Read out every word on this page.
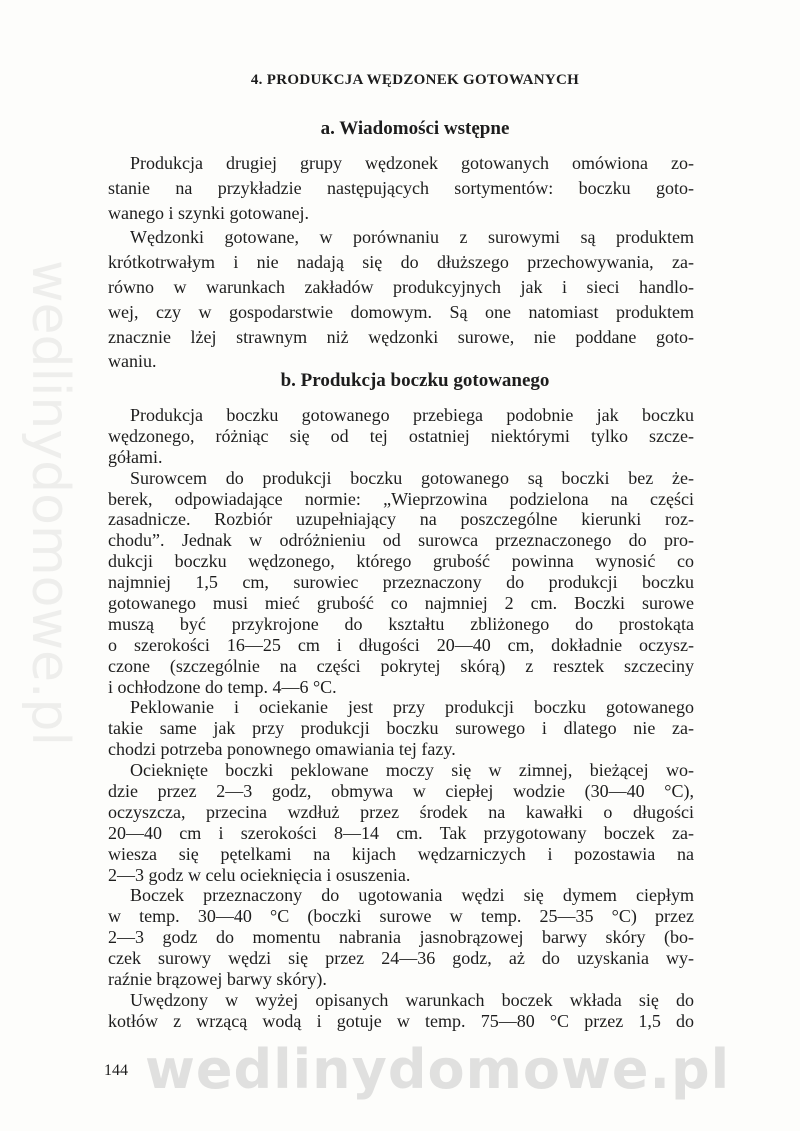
wedlinydomowe.pl
4. PRODUKCJA WĘDZONEK GOTOWANYCH
a. Wiadomości wstępne
Produkcja drugiej grupy wędzonek gotowanych omówiona zo-
stanie na przykładzie następujących sortymentów: boczku goto-
wanego i szynki gotowanej.
Wędzonki gotowane, w porównaniu z surowymi są produktem
krótkotrwałym i nie nadają się do dłuższego przechowywania, za-
równo w warunkach zakładów produkcyjnych jak i sieci handlo-
wej, czy w gospodarstwie domowym. Są one natomiast produktem
znacznie lżej strawnym niż wędzonki surowe, nie poddane goto-
waniu.
b. Produkcja boczku gotowanego
Produkcja boczku gotowanego przebiega podobnie jak boczku
wędzonego, różniąc się od tej ostatniej niektórymi tylko szcze-
gółami.
Surowcem do produkcji boczku gotowanego są boczki bez że-
berek, odpowiadające normie: „Wieprzowina podzielona na części
zasadnicze. Rozbiór uzupełniający na poszczególne kierunki roz-
chodu”. Jednak w odróżnieniu od surowca przeznaczonego do pro-
dukcji boczku wędzonego, którego grubość powinna wynosić co
najmniej 1,5 cm, surowiec przeznaczony do produkcji boczku
gotowanego musi mieć grubość co najmniej 2 cm. Boczki surowe
muszą być przykrojone do kształtu zbliżonego do prostokąta
o szerokości 16—25 cm i długości 20—40 cm, dokładnie oczysz-
czone (szczególnie na części pokrytej skórą) z resztek szczeciny
i ochłodzone do temp. 4—6 °C.
Peklowanie i ociekanie jest przy produkcji boczku gotowanego
takie same jak przy produkcji boczku surowego i dlatego nie za-
chodzi potrzeba ponownego omawiania tej fazy.
Ocieknięte boczki peklowane moczy się w zimnej, bieżącej wo-
dzie przez 2—3 godz, obmywa w ciepłej wodzie (30—40 °C),
oczyszcza, przecina wzdłuż przez środek na kawałki o długości
20—40 cm i szerokości 8—14 cm. Tak przygotowany boczek za-
wiesza się pętelkami na kijach wędzarniczych i pozostawia na
2—3 godz w celu ocieknięcia i osuszenia.
Boczek przeznaczony do ugotowania wędzi się dymem ciepłym
w temp. 30—40 °C (boczki surowe w temp. 25—35 °C) przez
2—3 godz do momentu nabrania jasnobrązowej barwy skóry (bo-
czek surowy wędzi się przez 24—36 godz, aż do uzyskania wy-
raźnie brązowej barwy skóry).
Uwędzony w wyżej opisanych warunkach boczek wkłada się do
kotłów z wrzącą wodą i gotuje w temp. 75—80 °C przez 1,5 do
wedlinydomowe.pl
144
